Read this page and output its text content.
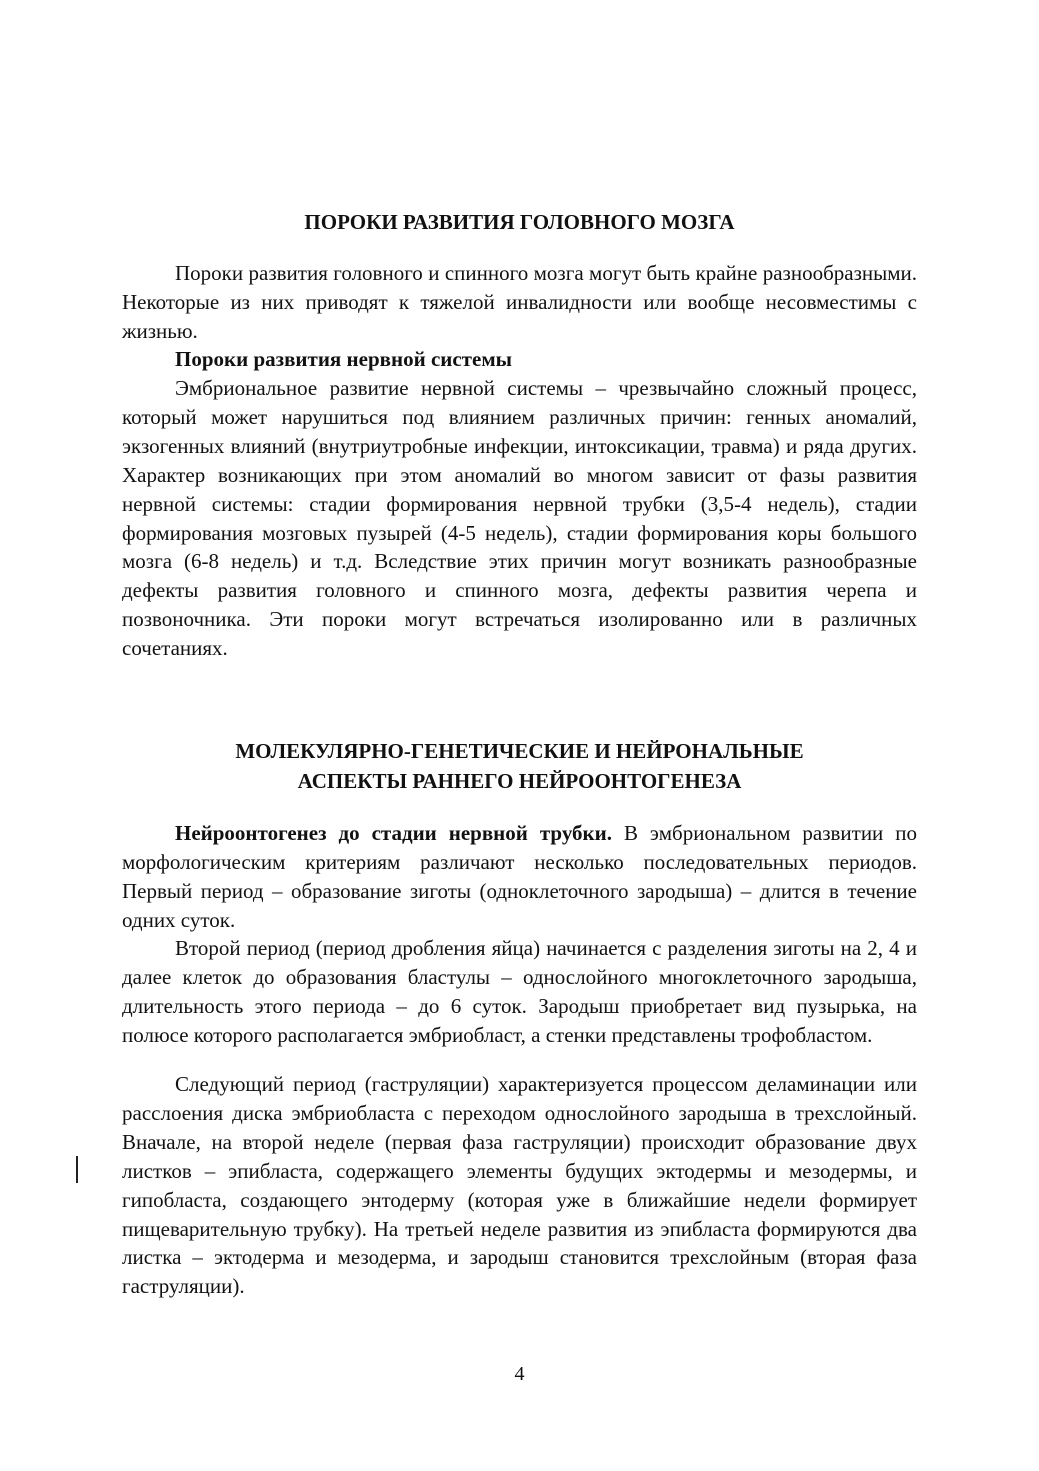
ПОРОКИ РАЗВИТИЯ ГОЛОВНОГО МОЗГА

Пороки развития головного и спинного мозга могут быть крайне разнообразными. Некоторые из них приводят к тяжелой инвалидности или вообще несовместимы с жизнью.

Пороки развития нервной системы

Эмбриональное развитие нервной системы – чрезвычайно сложный процесс, который может нарушиться под влиянием различных причин: генных аномалий, экзогенных влияний (внутриутробные инфекции, интоксикации, травма) и ряда других. Характер возникающих при этом аномалий во многом зависит от фазы развития нервной системы: стадии формирования нервной трубки (3,5-4 недель), стадии формирования мозговых пузырей (4-5 недель), стадии формирования коры большого мозга (6-8 недель) и т.д. Вследствие этих причин могут возникать разнообразные дефекты развития головного и спинного мозга, дефекты развития черепа и позвоночника. Эти пороки могут встречаться изолированно или в различных сочетаниях.

МОЛЕКУЛЯРНО-ГЕНЕТИЧЕСКИЕ И НЕЙРОНАЛЬНЫЕ
АСПЕКТЫ РАННЕГО НЕЙРООНТОГЕНЕЗА

Нейроонтогенез до стадии нервной трубки. В эмбриональном развитии по морфологическим критериям различают несколько последовательных периодов. Первый период – образование зиготы (одноклеточного зародыша) – длится в течение одних суток.

Второй период (период дробления яйца) начинается с разделения зиготы на 2, 4 и далее клеток до образования бластулы – однослойного многоклеточного зародыша, длительность этого периода – до 6 суток. Зародыш приобретает вид пузырька, на полюсе которого располагается эмбриобласт, а стенки представлены трофобластом.

Следующий период (гаструляции) характеризуется процессом деламинации или расслоения диска эмбриобласта с переходом однослойного зародыша в трехслойный. Вначале, на второй неделе (первая фаза гаструляции) происходит образование двух листков – эпибласта, содержащего элементы будущих эктодермы и мезодермы, и гипобласта, создающего энтодерму (которая уже в ближайшие недели формирует пищеварительную трубку). На третьей неделе развития из эпибласта формируются два листка – эктодерма и мезодерма, и зародыш становится трехслойным (вторая фаза гаструляции).

4
